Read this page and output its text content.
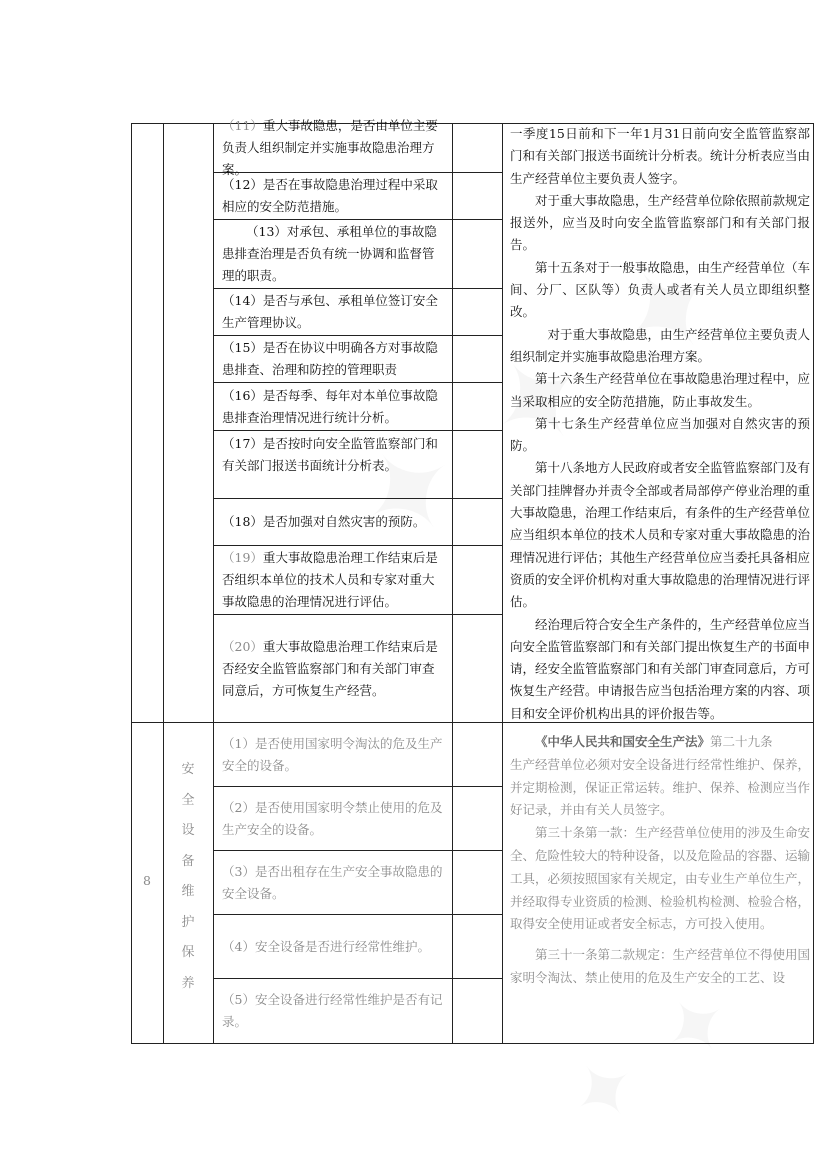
（11）重大事故隐患，是否由单位主要负责人组织制定并实施事故隐患治理方案。
（12）是否在事故隐患治理过程中采取相应的安全防范措施。
（13）对承包、承租单位的事故隐患排查治理是否负有统一协调和监督管理的职责。
（14）是否与承包、承租单位签订安全生产管理协议。
（15）是否在协议中明确各方对事故隐患排查、治理和防控的管理职责
（16）是否每季、每年对本单位事故隐患排查治理情况进行统计分析。
（17）是否按时向安全监管监察部门和有关部门报送书面统计分析表。
（18）是否加强对自然灾害的预防。
（19）重大事故隐患治理工作结束后是否组织本单位的技术人员和专家对重大事故隐患的治理情况进行评估。
（20）重大事故隐患治理工作结束后是否经安全监管监察部门和有关部门审查同意后，方可恢复生产经营。

一季度15日前和下一年1月31日前向安全监管监察部门和有关部门报送书面统计分析表。统计分析表应当由生产经营单位主要负责人签字。

对于重大事故隐患，生产经营单位除依照前款规定报送外，应当及时向安全监管监察部门和有关部门报告。

第十五条对于一般事故隐患，由生产经营单位（车间、分厂、区队等）负责人或者有关人员立即组织整改。

对于重大事故隐患，由生产经营单位主要负责人组织制定并实施事故隐患治理方案。

第十六条生产经营单位在事故隐患治理过程中，应当采取相应的安全防范措施，防止事故发生。

第十七条生产经营单位应当加强对自然灾害的预防。

第十八条地方人民政府或者安全监管监察部门及有关部门挂牌督办并责令全部或者局部停产停业治理的重大事故隐患，治理工作结束后，有条件的生产经营单位应当组织本单位的技术人员和专家对重大事故隐患的治理情况进行评估；其他生产经营单位应当委托具备相应资质的安全评价机构对重大事故隐患的治理情况进行评估。

经治理后符合安全生产条件的，生产经营单位应当向安全监管监察部门和有关部门提出恢复生产的书面申请，经安全监管监察部门和有关部门审查同意后，方可恢复生产经营。申请报告应当包括治理方案的内容、项目和安全评价机构出具的评价报告等。

8
安
全
设
备
维
护
保
养
（1）是否使用国家明令淘汰的危及生产安全的设备。
（2）是否使用国家明令禁止使用的危及生产安全的设备。
（3）是否出租存在生产安全事故隐患的安全设备。
（4）安全设备是否进行经常性维护。
（5）安全设备进行经常性维护是否有记录。

《中华人民共和国安全生产法》第二十九条

生产经营单位必须对安全设备进行经常性维护、保养，并定期检测，保证正常运转。维护、保养、检测应当作好记录，并由有关人员签字。

第三十条第一款：生产经营单位使用的涉及生命安全、危险性较大的特种设备，以及危险品的容器、运输工具，必须按照国家有关规定，由专业生产单位生产，并经取得专业资质的检测、检验机构检测、检验合格，取得安全使用证或者安全标志，方可投入使用。

第三十一条第二款规定：生产经营单位不得使用国家明令淘汰、禁止使用的危及生产安全的工艺、设
